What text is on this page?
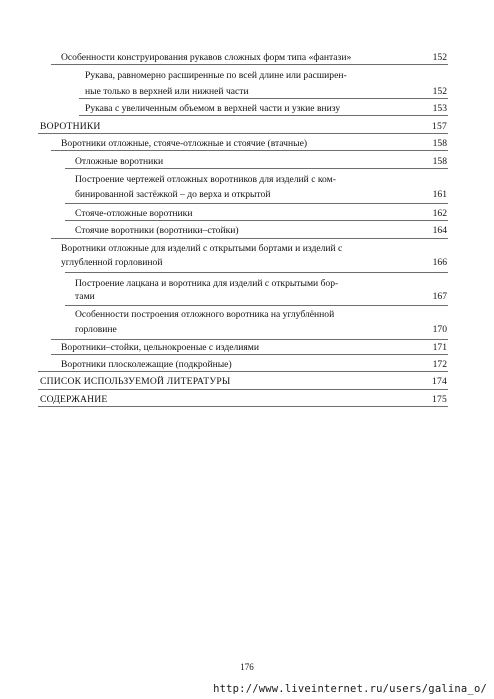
Особенности конструирования рукавов сложных форм типа «фантази»	152
Рукава, равномерно расширенные по всей длине или расширен-
ные только в верхней или нижней части	152
Рукава с увеличенным объемом в верхней части и узкие внизу	153
ВОРОТНИКИ	157
Воротники отложные, стояче-отложные и стоячие (втачные)	158
Отложные воротники	158
Построение чертежей отложных воротников для изделий с ком-
бинированной застёжкой – до верха и открытой	161
Стояче-отложные воротники	162
Стоячие воротники (воротники–стойки)	164
Воротники отложные для изделий с открытыми бортами и изделий с
углубленной горловиной	166
Построение лацкана и воротника для изделий с открытыми бор-
тами	167
Особенности построения отложного воротника на углублённой
горловине	170
Воротники–стойки, цельнокроеные с изделиями	171
Воротники плосколежащие (подкройные)	172
СПИСОК ИСПОЛЬЗУЕМОЙ ЛИТЕРАТУРЫ	174
СОДЕРЖАНИЕ	175
176
http://www.liveinternet.ru/users/galina_o/
